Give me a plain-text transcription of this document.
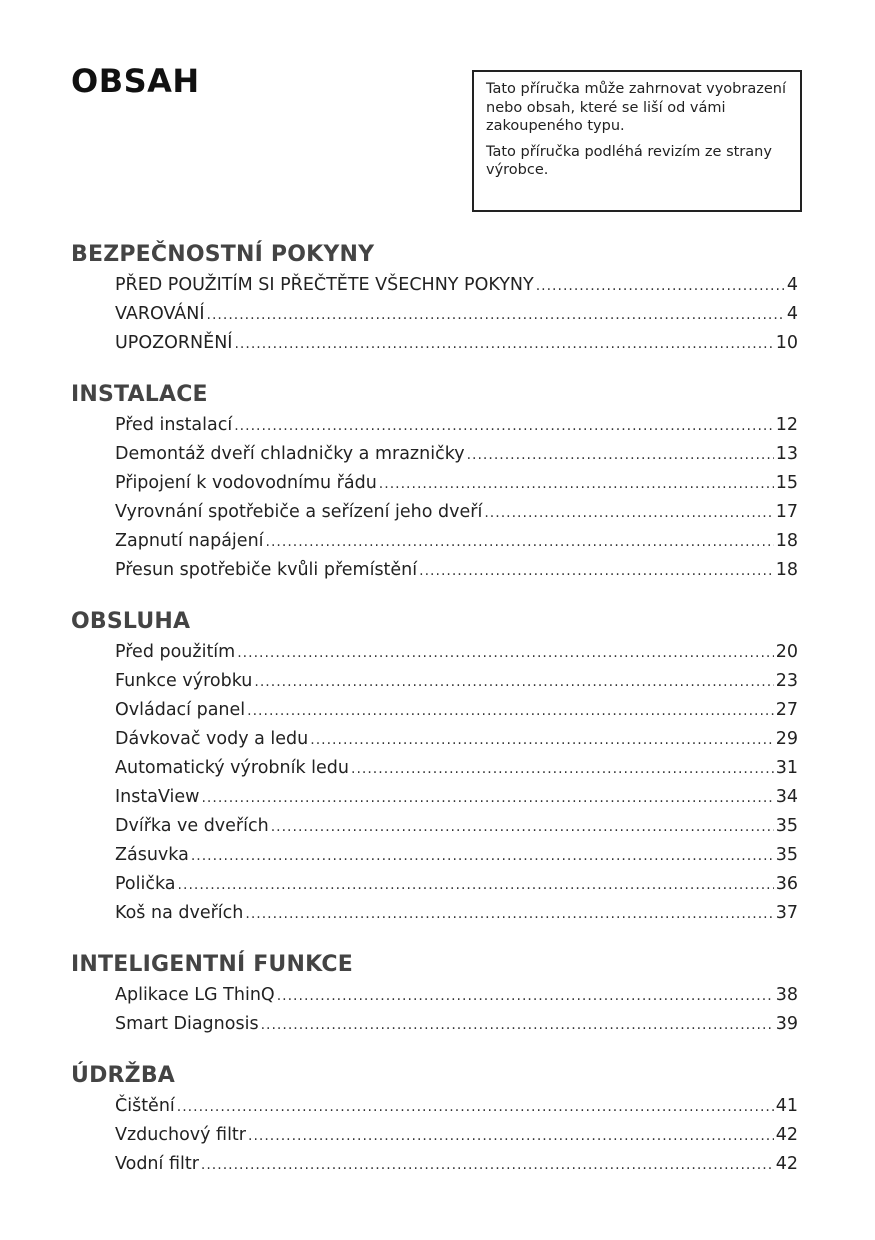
OBSAH	Tato příručka může zahrnovat vyobrazení nebo obsah, které se liší od vámi zakoupeného typu.

Tato příručka podléhá revizím ze strany výrobce.

BEZPEČNOSTNÍ POKYNY
PŘED POUŽITÍM SI PŘEČTĚTE VŠECHNY POKYNY .....	4
VAROVÁNÍ .....	4
UPOZORNĚNÍ .....	10
INSTALACE
Před instalací .....	12
Demontáž dveří chladničky a mrazničky .....	13
Připojení k vodovodnímu řádu .....	15
Vyrovnání spotřebiče a seřízení jeho dveří .....	17
Zapnutí napájení .....	18
Přesun spotřebiče kvůli přemístění .....	18
OBSLUHA
Před použitím .....	20
Funkce výrobku .....	23
Ovládací panel .....	27
Dávkovač vody a ledu .....	29
Automatický výrobník ledu .....	31
InstaView .....	34
Dvířka ve dveřích .....	35
Zásuvka .....	35
Polička .....	36
Koš na dveřích .....	37
INTELIGENTNÍ FUNKCE
Aplikace LG ThinQ .....	38
Smart Diagnosis .....	39
ÚDRŽBA
Čištění .....	41
Vzduchový filtr .....	42
Vodní filtr .....	42
